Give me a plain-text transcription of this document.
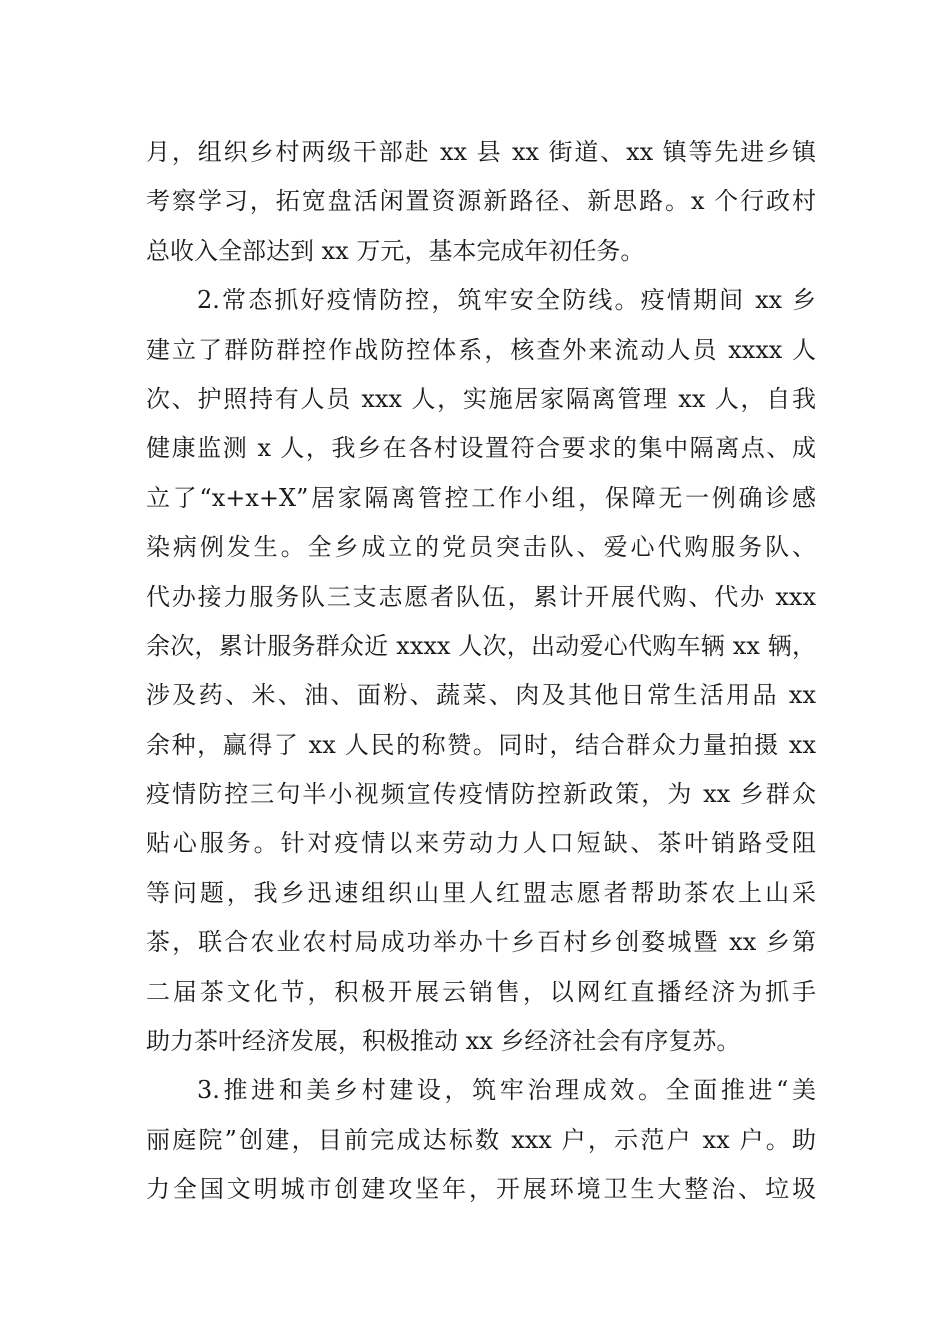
月，组织乡村两级干部赴 xx 县 xx 街道、xx 镇等先进乡镇
考察学习，拓宽盘活闲置资源新路径、新思路。x 个行政村
总收入全部达到 xx 万元，基本完成年初任务。
2.常态抓好疫情防控，筑牢安全防线。疫情期间 xx 乡
建立了群防群控作战防控体系，核查外来流动人员 xxxx 人
次、护照持有人员 xxx 人，实施居家隔离管理 xx 人，自我
健康监测 x 人，我乡在各村设置符合要求的集中隔离点、成
立了“x+x+X”居家隔离管控工作小组，保障无一例确诊感
染病例发生。全乡成立的党员突击队、爱心代购服务队、
代办接力服务队三支志愿者队伍，累计开展代购、代办 xxx
余次，累计服务群众近 xxxx 人次，出动爱心代购车辆 xx 辆，
涉及药、米、油、面粉、蔬菜、肉及其他日常生活用品 xx
余种，赢得了 xx 人民的称赞。同时，结合群众力量拍摄 xx
疫情防控三句半小视频宣传疫情防控新政策，为 xx 乡群众
贴心服务。针对疫情以来劳动力人口短缺、茶叶销路受阻
等问题，我乡迅速组织山里人红盟志愿者帮助茶农上山采
茶，联合农业农村局成功举办十乡百村乡创婺城暨 xx 乡第
二届茶文化节，积极开展云销售，以网红直播经济为抓手
助力茶叶经济发展，积极推动 xx 乡经济社会有序复苏。
3.推进和美乡村建设，筑牢治理成效。全面推进“美
丽庭院”创建，目前完成达标数 xxx 户，示范户 xx 户。助
力全国文明城市创建攻坚年，开展环境卫生大整治、垃圾
